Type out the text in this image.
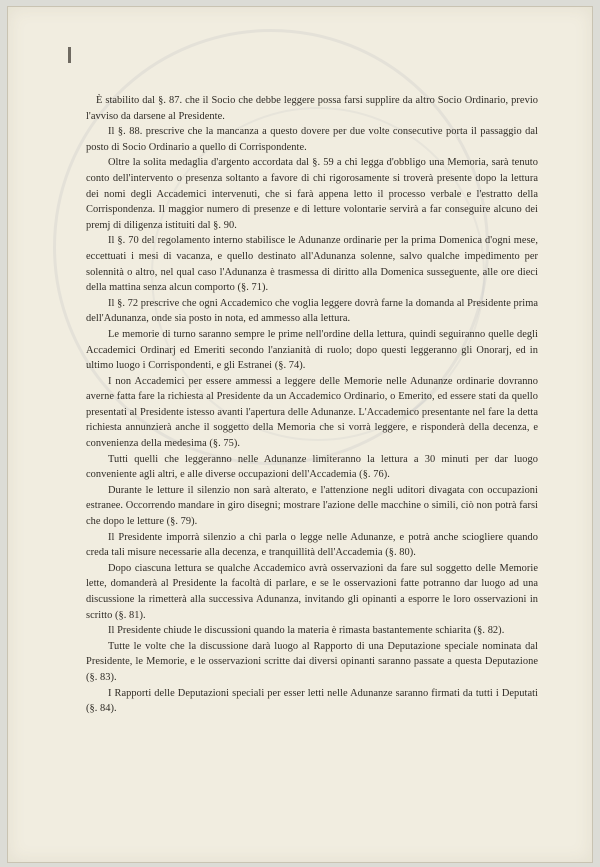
È stabilito dal §. 87. che il Socio che debbe leggere possa farsi supplire da altro Socio Ordinario, previo l'avviso da darsene al Presidente.

Il §. 88. prescrive che la mancanza a questo dovere per due volte consecutive porta il passaggio dal posto di Socio Ordinario a quello di Corrispondente.

Oltre la solita medaglia d'argento accordata dal §. 59 a chi legga d'obbligo una Memoria, sarà tenuto conto dell'intervento o presenza soltanto a favore di chi rigorosamente si troverà presente dopo la lettura dei nomi degli Accademici intervenuti, che si farà appena letto il processo verbale e l'estratto della Corrispondenza. Il maggior numero di presenze e di letture volontarie servirà a far conseguire alcuno dei premj di diligenza istituiti dal §. 90.

Il §. 70 del regolamento interno stabilisce le Adunanze ordinarie per la prima Domenica d'ogni mese, eccettuati i mesi di vacanza, e quello destinato all'Adunanza solenne, salvo qualche impedimento per solennità o altro, nel qual caso l'Adunanza è trasmessa di diritto alla Domenica susseguente, alle ore dieci della mattina senza alcun comporto (§. 71).

Il §. 72 prescrive che ogni Accademico che voglia leggere dovrà farne la domanda al Presidente prima dell'Adunanza, onde sia posto in nota, ed ammesso alla lettura.

Le memorie di turno saranno sempre le prime nell'ordine della lettura, quindi seguiranno quelle degli Accademici Ordinarj ed Emeriti secondo l'anzianità di ruolo; dopo questi leggeranno gli Onorarj, ed in ultimo luogo i Corrispondenti, e gli Estranei (§. 74).

I non Accademici per essere ammessi a leggere delle Memorie nelle Adunanze ordinarie dovranno averne fatta fare la richiesta al Presidente da un Accademico Ordinario, o Emerito, ed essere stati da quello presentati al Presidente istesso avanti l'apertura delle Adunanze. L'Accademico presentante nel fare la detta richiesta annunzierà anche il soggetto della Memoria che si vorrà leggere, e risponderà della decenza, e convenienza della medesima (§. 75).

Tutti quelli che leggeranno nelle Adunanze limiteranno la lettura a 30 minuti per dar luogo conveniente agli altri, e alle diverse occupazioni dell'Accademia (§. 76).

Durante le letture il silenzio non sarà alterato, e l'attenzione negli uditori divagata con occupazioni estranee. Occorrendo mandare in giro disegni; mostrare l'azione delle macchine o simili, ciò non potrà farsi che dopo le letture (§. 79).

Il Presidente imporrà silenzio a chi parla o legge nelle Adunanze, e potrà anche sciogliere quando creda tali misure necessarie alla decenza, e tranquillità dell'Accademia (§. 80).

Dopo ciascuna lettura se qualche Accademico avrà osservazioni da fare sul soggetto delle Memorie lette, domanderà al Presidente la facoltà di parlare, e se le osservazioni fatte potranno dar luogo ad una discussione la rimetterà alla successiva Adunanza, invitando gli opinanti a esporre le loro osservazioni in scritto (§. 81).

Il Presidente chiude le discussioni quando la materia è rimasta bastantemente schiarita (§. 82).

Tutte le volte che la discussione darà luogo al Rapporto di una Deputazione speciale nominata dal Presidente, le Memorie, e le osservazioni scritte dai diversi opinanti saranno passate a questa Deputazione (§. 83).

I Rapporti delle Deputazioni speciali per esser letti nelle Adunanze saranno firmati da tutti i Deputati (§. 84).
